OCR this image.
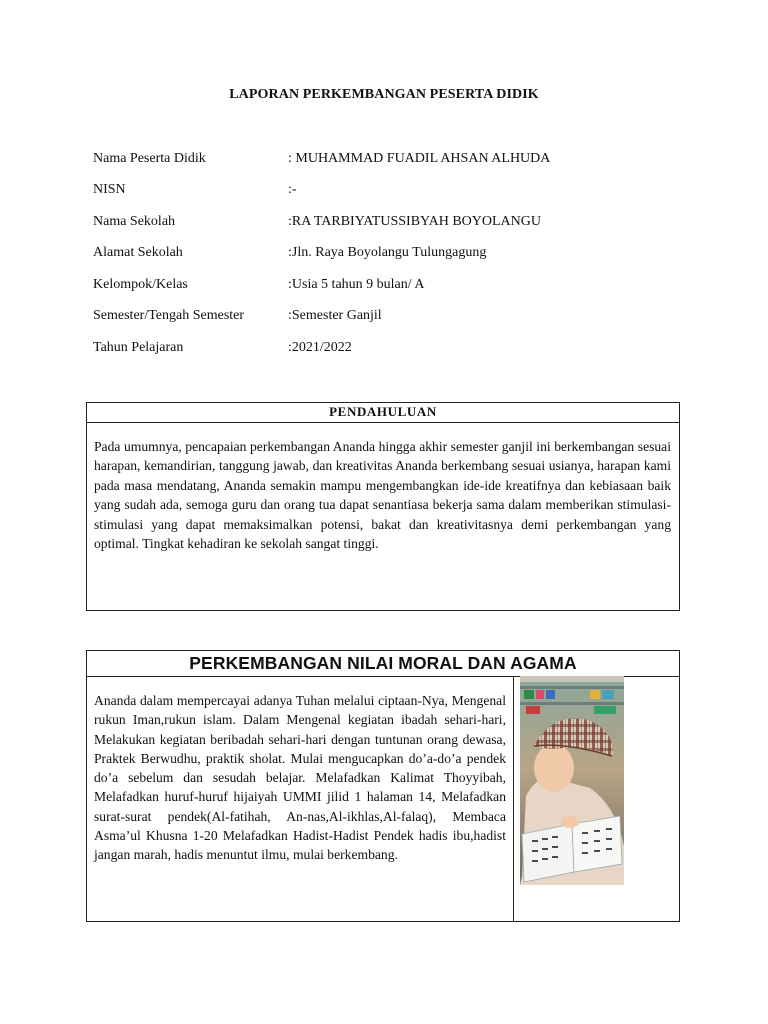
LAPORAN PERKEMBANGAN PESERTA DIDIK
Nama Peserta Didik	: MUHAMMAD FUADIL AHSAN ALHUDA
NISN	:-
Nama Sekolah	:RA TARBIYATUSSIBYAH BOYOLANGU
Alamat Sekolah	:Jln. Raya Boyolangu Tulungagung
Kelompok/Kelas	:Usia 5 tahun 9 bulan/ A
Semester/Tengah Semester	:Semester Ganjil
Tahun Pelajaran	:2021/2022
PENDAHULUAN
Pada umumnya, pencapaian perkembangan Ananda hingga akhir semester ganjil ini berkembangan sesuai harapan, kemandirian, tanggung jawab, dan kreativitas Ananda berkembang sesuai usianya, harapan kami pada masa mendatang, Ananda semakin mampu mengembangkan ide-ide kreatifnya dan kebiasaan baik yang sudah ada, semoga guru dan orang tua dapat senantiasa bekerja sama dalam memberikan stimulasi-stimulasi yang dapat memaksimalkan potensi, bakat dan kreativitasnya demi perkembangan yang optimal. Tingkat kehadiran ke sekolah sangat tinggi.
PERKEMBANGAN NILAI MORAL DAN AGAMA
Ananda dalam mempercayai adanya Tuhan melalui ciptaan-Nya, Mengenal rukun Iman,rukun islam. Dalam Mengenal kegiatan ibadah sehari-hari, Melakukan kegiatan beribadah sehari-hari dengan tuntunan orang dewasa, Praktek Berwudhu, praktik sholat. Mulai mengucapkan do’a-do’a pendek do’a sebelum dan sesudah belajar. Melafadkan Kalimat Thoyyibah, Melafadkan huruf-huruf hijaiyah UMMI jilid 1 halaman 14, Melafadkan surat-surat pendek(Al-fatihah, An-nas,Al-ikhlas,Al-falaq), Membaca Asma’ul Khusna 1-20 Melafadkan Hadist-Hadist Pendek hadis ibu,hadist jangan marah, hadis menuntut ilmu, mulai berkembang.
